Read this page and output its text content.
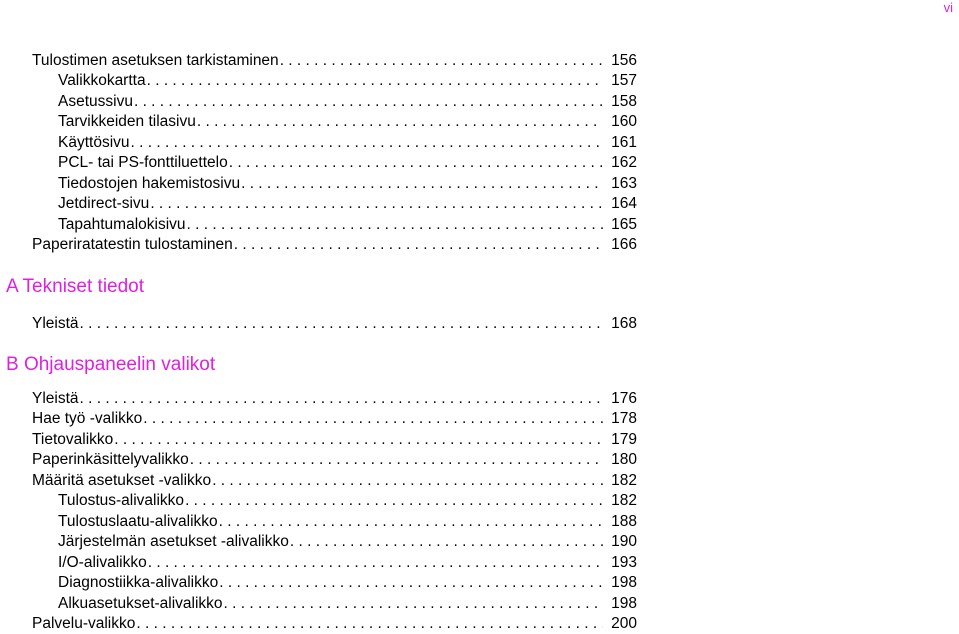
vi
Tulostimen asetuksen tarkistaminen . . .	156
Valikkokartta . . .	157
Asetussivu . . .	158
Tarvikkeiden tilasivu . . .	160
Käyttösivu . . .	161
PCL- tai PS-fonttiluettelo . . .	162
Tiedostojen hakemistosivu . . .	163
Jetdirect-sivu . . .	164
Tapahtumalokisivu . . .	165
Paperiratatestin tulostaminen . . .	166
A Tekniset tiedot
Yleistä . . .	168
B Ohjauspaneelin valikot
Yleistä . . .	176
Hae työ -valikko . . .	178
Tietovalikko . . .	179
Paperinkäsittelyvalikko . . .	180
Määritä asetukset -valikko . . .	182
Tulostus-alivalikko . . .	182
Tulostuslaatu-alivalikko . . .	188
Järjestelmän asetukset -alivalikko . . .	190
I/O-alivalikko . . .	193
Diagnostiikka-alivalikko . . .	198
Alkuasetukset-alivalikko . . .	198
Palvelu-valikko . . .	200
